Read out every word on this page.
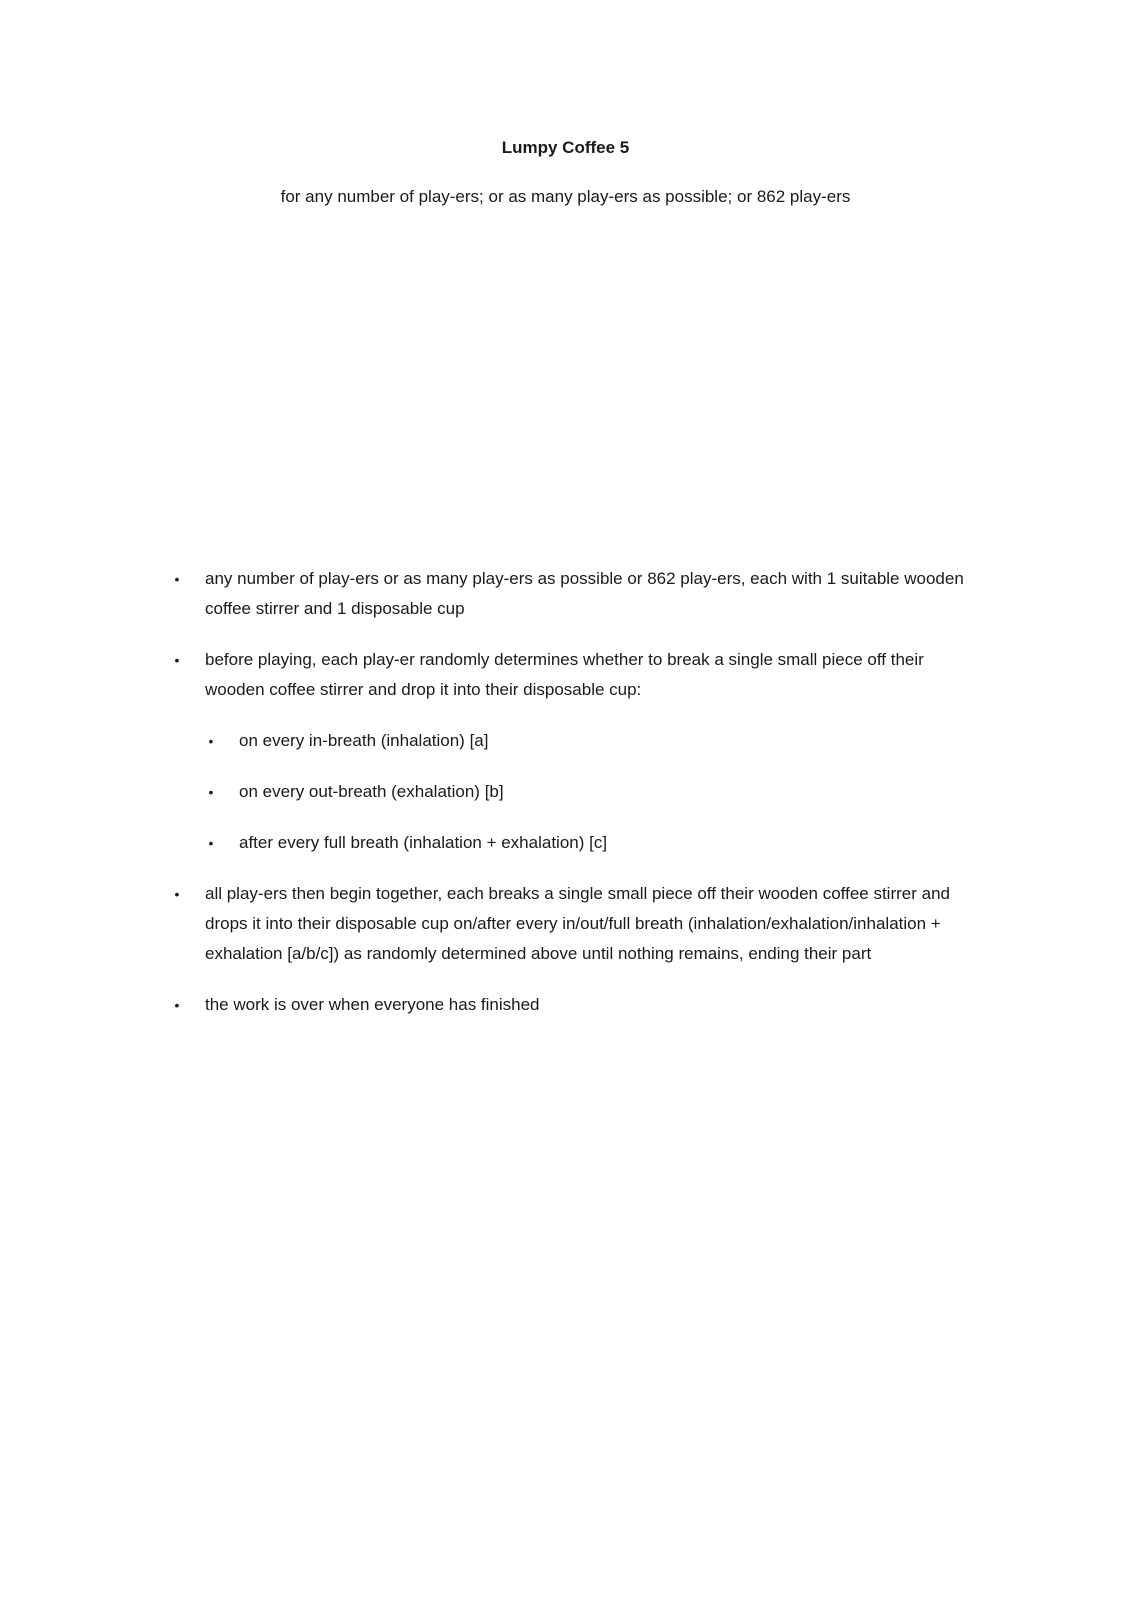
Lumpy Coffee 5

for any number of play-ers; or as many play-ers as possible; or 862 play-ers

• any number of play-ers or as many play-ers as possible or 862 play-ers, each with 1 suitable wooden coffee stirrer and 1 disposable cup
• before playing, each play-er randomly determines whether to break a single small piece off their wooden coffee stirrer and drop it into their disposable cup:
• on every in-breath (inhalation) [a]
• on every out-breath (exhalation) [b]
• after every full breath (inhalation + exhalation) [c]
• all play-ers then begin together, each breaks a single small piece off their wooden coffee stirrer and drops it into their disposable cup on/after every in/out/full breath (inhalation/exhalation/inhalation + exhalation [a/b/c]) as randomly determined above until nothing remains, ending their part
• the work is over when everyone has finished
